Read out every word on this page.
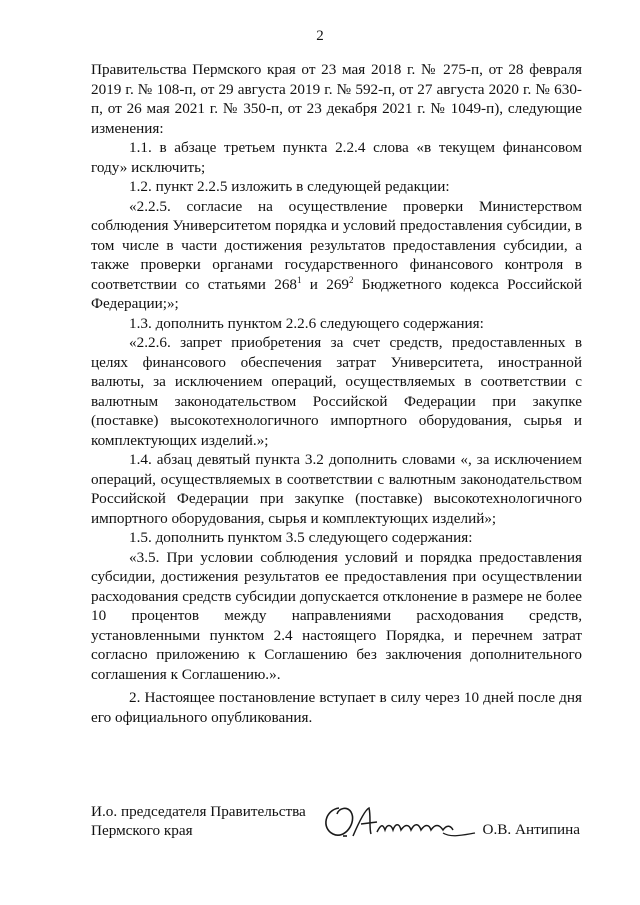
2

Правительства Пермского края от 23 мая 2018 г. № 275-п, от 28 февраля 2019 г. № 108-п, от 29 августа 2019 г. № 592-п, от 27 августа 2020 г. № 630-п, от 26 мая 2021 г. № 350-п, от 23 декабря 2021 г. № 1049-п), следующие изменения:

1.1. в абзаце третьем пункта 2.2.4 слова «в текущем финансовом году» исключить;

1.2. пункт 2.2.5 изложить в следующей редакции:

«2.2.5. согласие на осуществление проверки Министерством соблюдения Университетом порядка и условий предоставления субсидии, в том числе в части достижения результатов предоставления субсидии, а также проверки органами государственного финансового контроля в соответствии со статьями $268^1$ и $269^2$ Бюджетного кодекса Российской Федерации;»;

1.3. дополнить пунктом 2.2.6 следующего содержания:

«2.2.6. запрет приобретения за счет средств, предоставленных в целях финансового обеспечения затрат Университета, иностранной валюты, за исключением операций, осуществляемых в соответствии с валютным законодательством Российской Федерации при закупке (поставке) высокотехнологичного импортного оборудования, сырья и комплектующих изделий.»;

1.4. абзац девятый пункта 3.2 дополнить словами «, за исключением операций, осуществляемых в соответствии с валютным законодательством Российской Федерации при закупке (поставке) высокотехнологичного импортного оборудования, сырья и комплектующих изделий»;

1.5. дополнить пунктом 3.5 следующего содержания:

«3.5. При условии соблюдения условий и порядка предоставления субсидии, достижения результатов ее предоставления при осуществлении расходования средств субсидии допускается отклонение в размере не более 10 процентов между направлениями расходования средств, установленными пунктом 2.4 настоящего Порядка, и перечнем затрат согласно приложению к Соглашению без заключения дополнительного соглашения к Соглашению.».

2. Настоящее постановление вступает в силу через 10 дней после дня его официального опубликования.

И.о. председателя Правительства
Пермского края	О.В. Антипина
